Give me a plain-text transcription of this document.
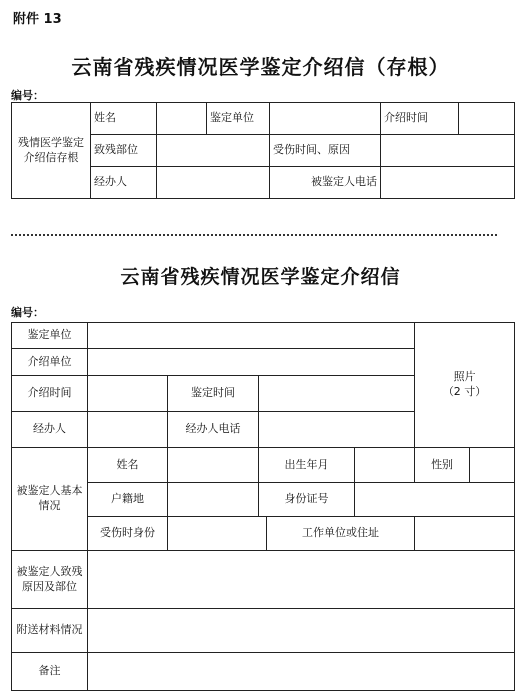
附件 13
云南省残疾情况医学鉴定介绍信（存根）
编号：
残情医学鉴定介绍信存根	姓名		鉴定单位		介绍时间	
	致残部位			受伤时间、原因		
	经办人			被鉴定人电话		
云南省残疾情况医学鉴定介绍信
编号：
鉴定单位						照片
（2 寸）	

介绍单位							
介绍时间		鉴定时间					
经办人		经办人电话					
被鉴定人基本情况	姓名		出生年月			性别	
	户籍地		身份证号				
	受伤时身份			工作单位或住址			
被鉴定人致残原因及部位							
附送材料情况							
备注							
